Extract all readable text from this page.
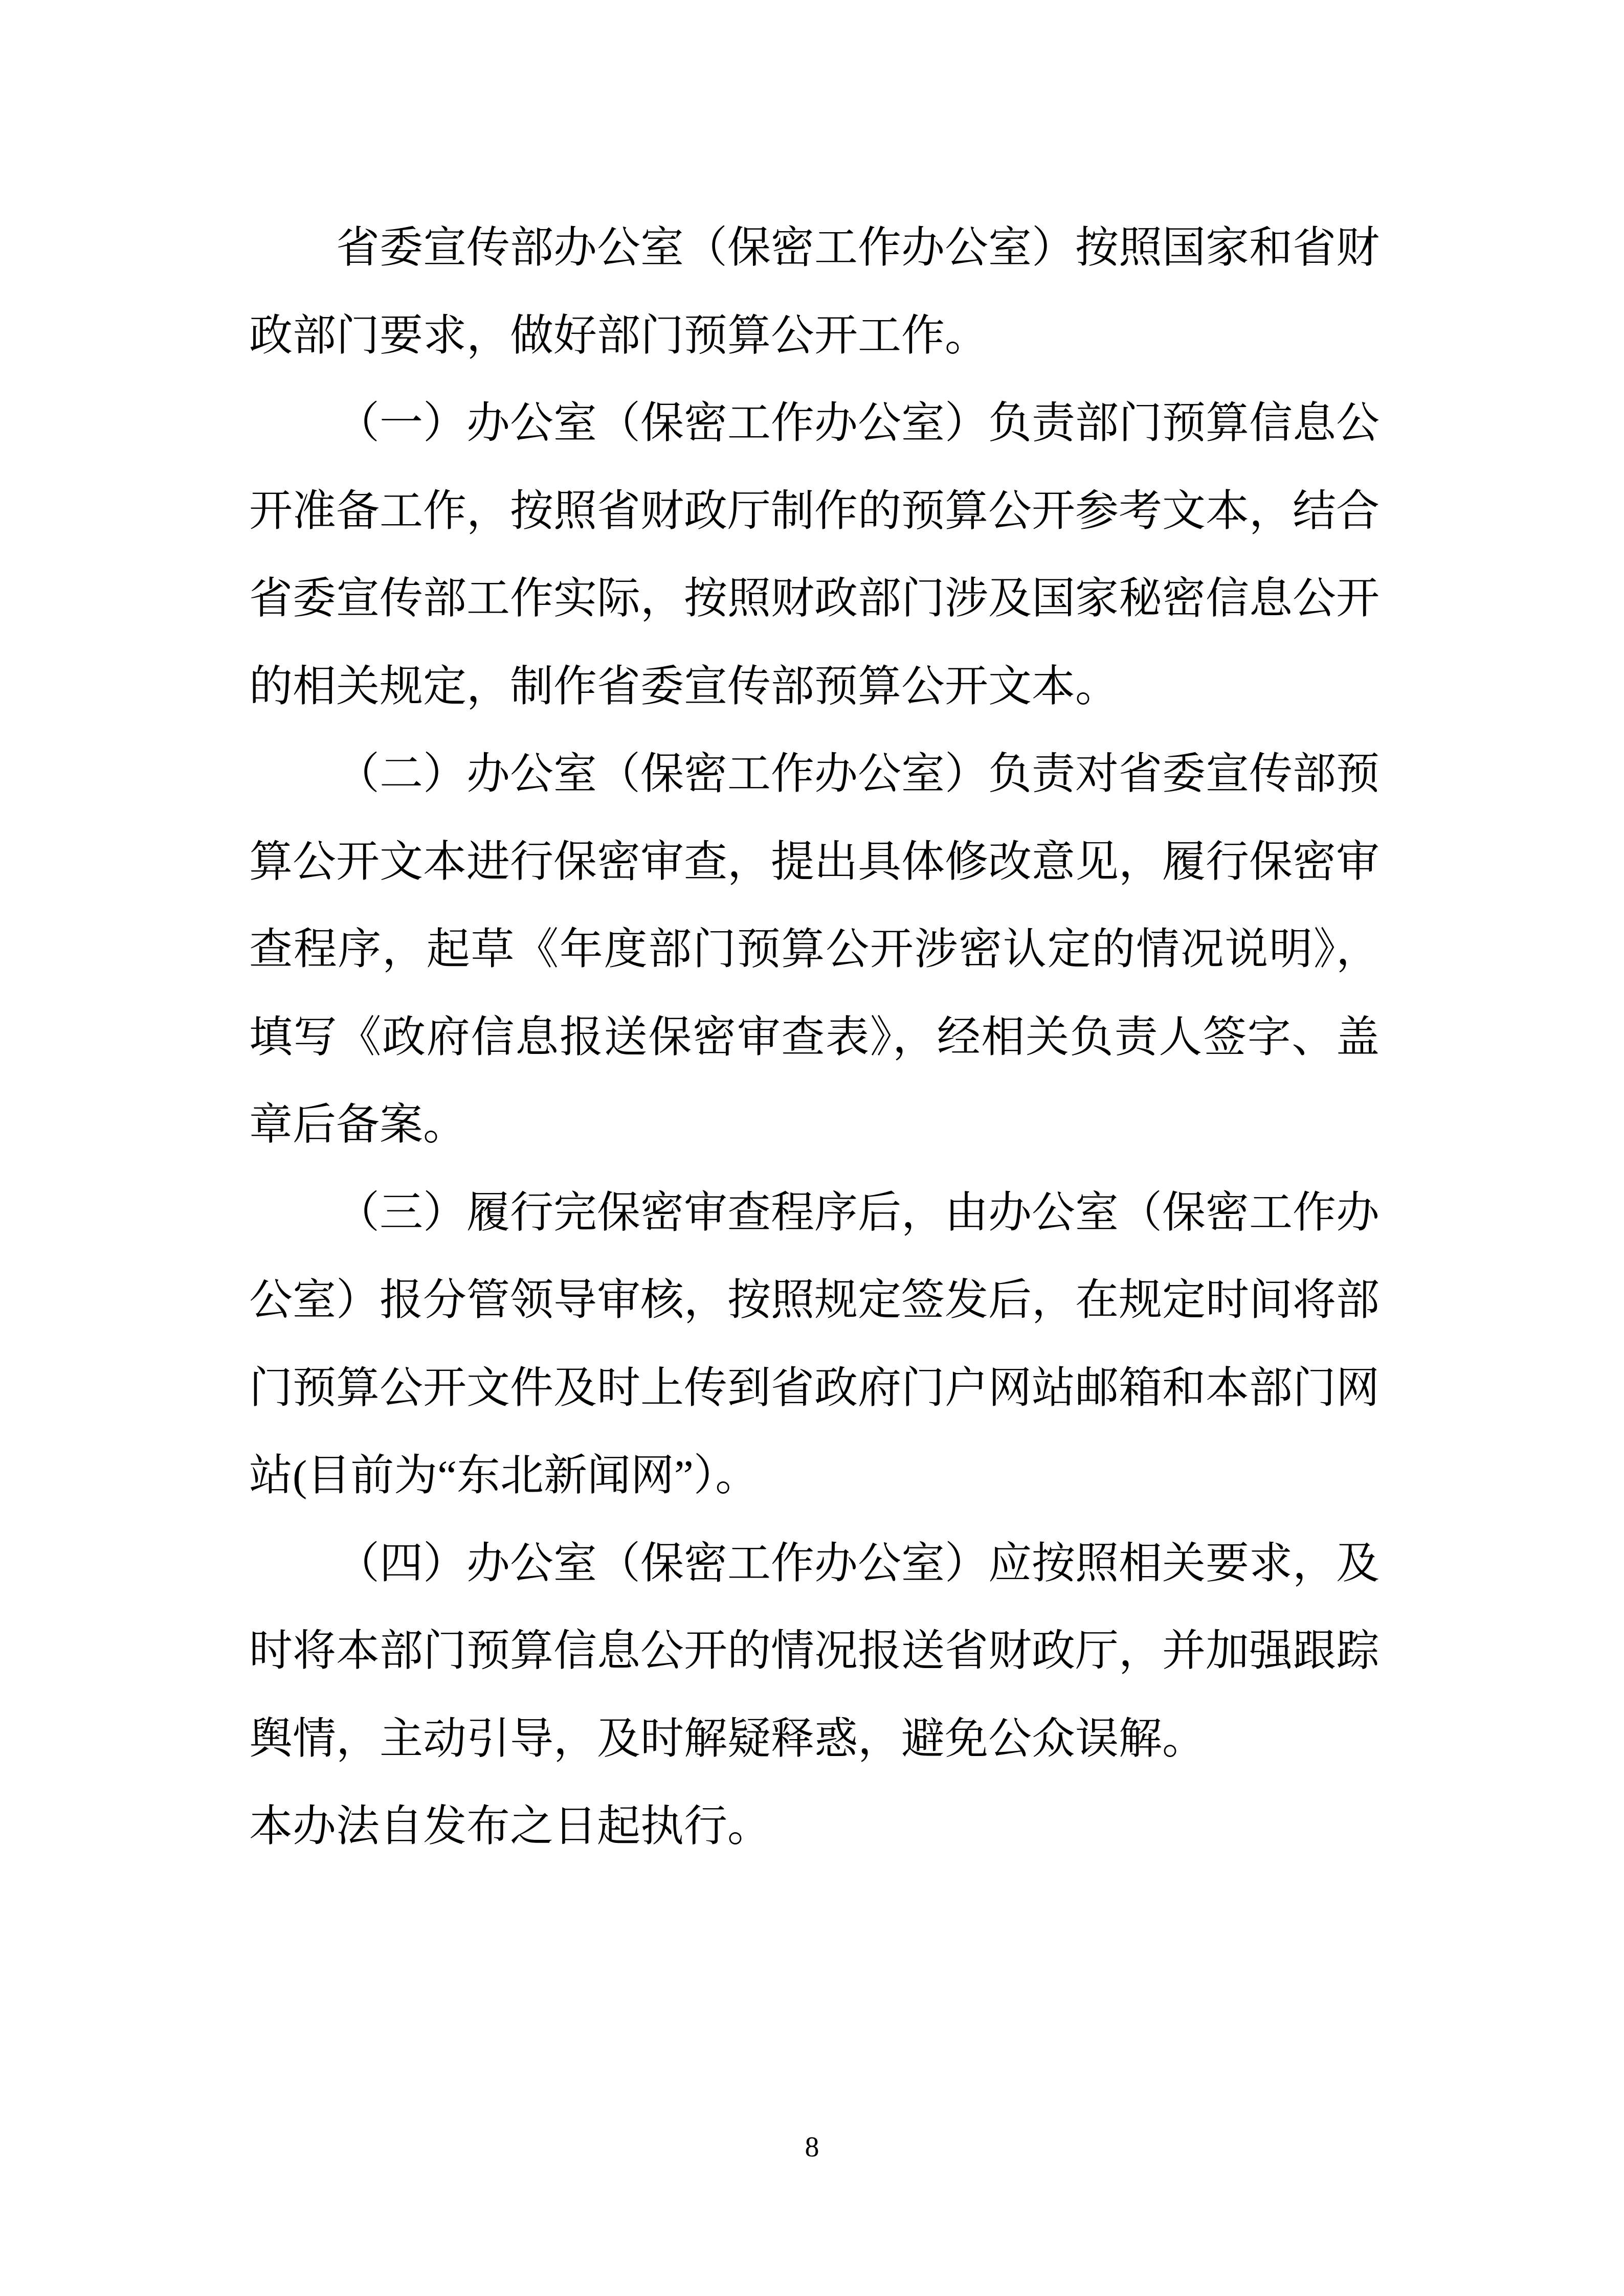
省委宣传部办公室（保密工作办公室）按照国家和省财政部门要求，做好部门预算公开工作。

（一）办公室（保密工作办公室）负责部门预算信息公开准备工作，按照省财政厅制作的预算公开参考文本，结合省委宣传部工作实际，按照财政部门涉及国家秘密信息公开的相关规定，制作省委宣传部预算公开文本。

（二）办公室（保密工作办公室）负责对省委宣传部预算公开文本进行保密审查，提出具体修改意见，履行保密审查程序，起草《年度部门预算公开涉密认定的情况说明》，填写《政府信息报送保密审查表》，经相关负责人签字、盖章后备案。

（三）履行完保密审查程序后，由办公室（保密工作办公室）报分管领导审核，按照规定签发后，在规定时间将部门预算公开文件及时上传到省政府门户网站邮箱和本部门网站(目前为“东北新闻网”）。

（四）办公室（保密工作办公室）应按照相关要求，及时将本部门预算信息公开的情况报送省财政厅，并加强跟踪舆情，主动引导，及时解疑释惑，避免公众误解。

本办法自发布之日起执行。

8
